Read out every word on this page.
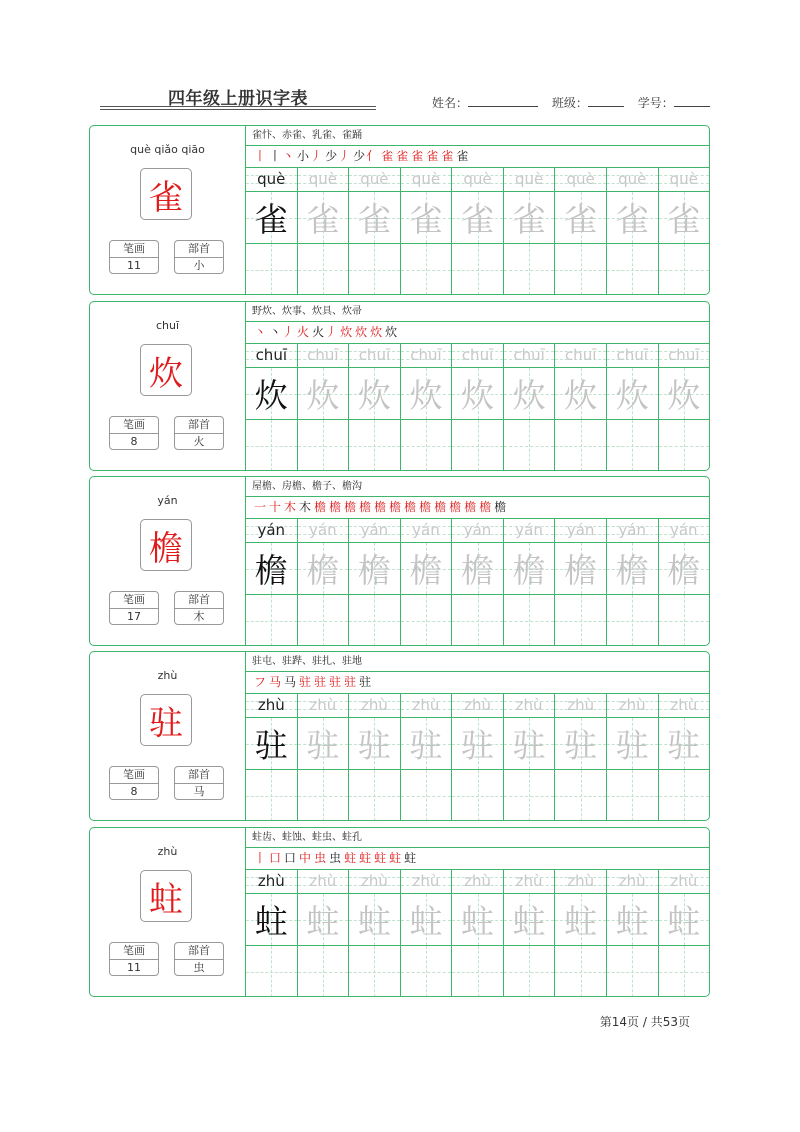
四年级上册识字表	姓名：	班级：	学号：
què qiǎo qiāo
雀
笔画
11
部首
小
雀忭、赤雀、乳雀、雀踊
丨 丨丶 小丿 少丿 少亻 雀 雀 雀 雀 雀 雀
què	què	què	què	què	què	què	què	què
雀 雀 雀 雀 雀 雀 雀 雀 雀
chuī
炊
笔画
8
部首
火
野炊、炊事、炊具、炊帚
丶 丶丿 火 火丿 炊 炊 炊 炊
chuī	chuī	chuī	chuī	chuī	chuī	chuī	chuī	chuī
炊 炊 炊 炊 炊 炊 炊 炊 炊
yán
檐
笔画
17
部首
木
屋檐、房檐、檐子、檐沟
一 十 木 木 檐 檐 檐 檐 檐 檐 檐 檐 檐 檐 檐 檐 檐
yán	yán	yán	yán	yán	yán	yán	yán	yán
檐 檐 檐 檐 檐 檐 檐 檐 檐
zhù
驻
笔画
8
部首
马
驻屯、驻跸、驻扎、驻地
フ 马 马 驻 驻 驻 驻 驻
zhù	zhù	zhù	zhù	zhù	zhù	zhù	zhù	zhù
驻 驻 驻 驻 驻 驻 驻 驻 驻
zhù
蛀
笔画
11
部首
虫
蛀齿、蛀蚀、蛀虫、蛀孔
丨 口 口 中 虫 虫 蛀 蛀 蛀 蛀 蛀
zhù	zhù	zhù	zhù	zhù	zhù	zhù	zhù	zhù
蛀 蛀 蛀 蛀 蛀 蛀 蛀 蛀 蛀
第14页 / 共53页
